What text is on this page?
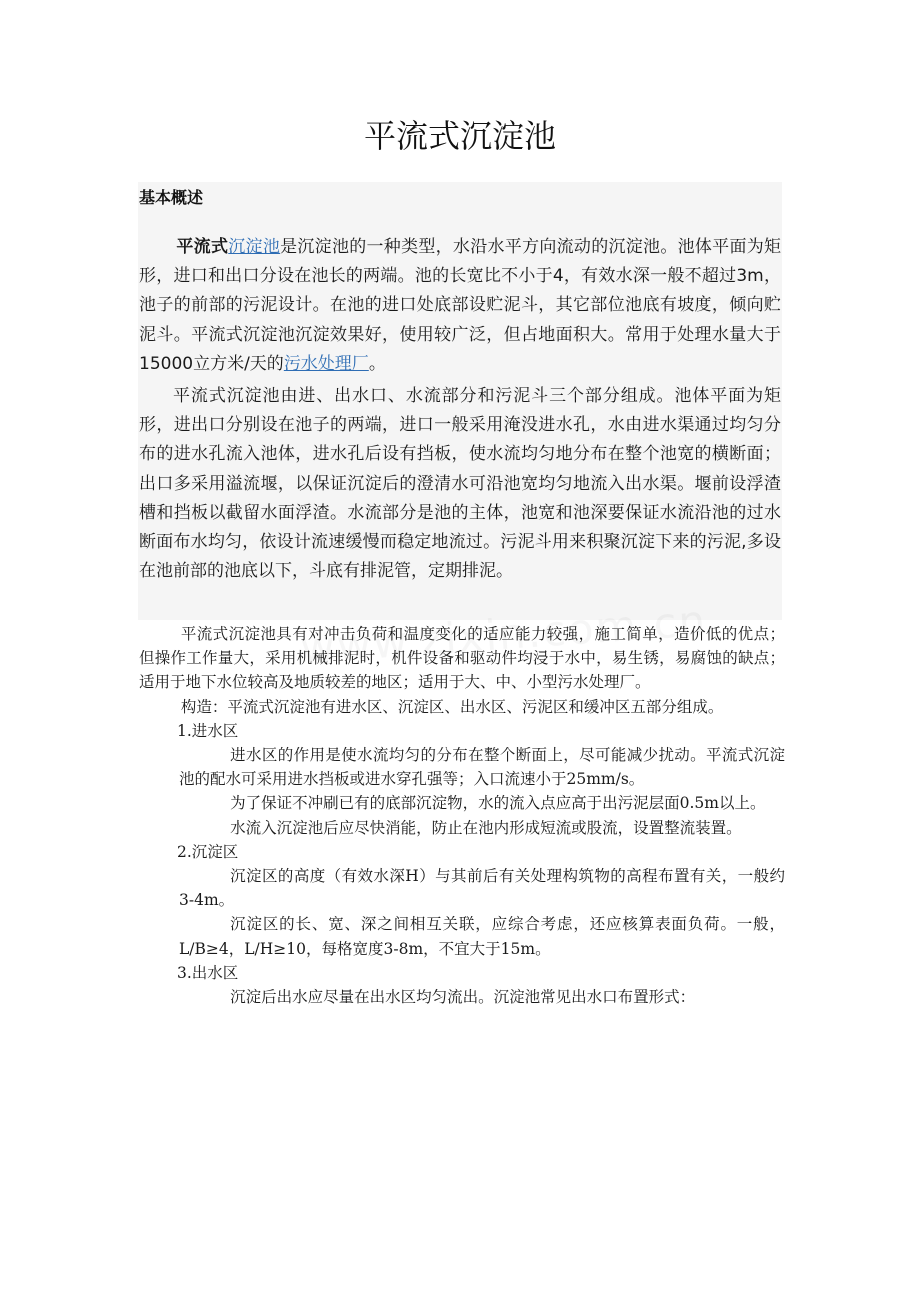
平流式沉淀池
基本概述

平流式沉淀池是沉淀池的一种类型，水沿水平方向流动的沉淀池。池体平面为矩形，进口和出口分设在池长的两端。池的长宽比不小于4，有效水深一般不超过3m，池子的前部的污泥设计。在池的进口处底部设贮泥斗，其它部位池底有坡度，倾向贮泥斗。平流式沉淀池沉淀效果好，使用较广泛，但占地面积大。常用于处理水量大于15000立方米/天的污水处理厂。

平流式沉淀池由进、出水口、水流部分和污泥斗三个部分组成。池体平面为矩形，进出口分别设在池子的两端，进口一般采用淹没进水孔，水由进水渠通过均匀分布的进水孔流入池体，进水孔后设有挡板，使水流均匀地分布在整个池宽的横断面；出口多采用溢流堰，以保证沉淀后的澄清水可沿池宽均匀地流入出水渠。堰前设浮渣槽和挡板以截留水面浮渣。水流部分是池的主体，池宽和池深要保证水流沿池的过水断面布水均匀，依设计流速缓慢而稳定地流过。污泥斗用来积聚沉淀下来的污泥,多设在池前部的池底以下，斗底有排泥管，定期排泥。

平流式沉淀池具有对冲击负荷和温度变化的适应能力较强，施工简单，造价低的优点；但操作工作量大，采用机械排泥时，机件设备和驱动件均浸于水中，易生锈，易腐蚀的缺点；适用于地下水位较高及地质较差的地区；适用于大、中、小型污水处理厂。

构造：平流式沉淀池有进水区、沉淀区、出水区、污泥区和缓冲区五部分组成。

1.进水区

进水区的作用是使水流均匀的分布在整个断面上，尽可能减少扰动。平流式沉淀池的配水可采用进水挡板或进水穿孔强等；入口流速小于25mm/s。

为了保证不冲刷已有的底部沉淀物，水的流入点应高于出污泥层面0.5m以上。

水流入沉淀池后应尽快消能，防止在池内形成短流或股流，设置整流装置。

2.沉淀区

沉淀区的高度（有效水深H）与其前后有关处理构筑物的高程布置有关，一般约3-4m。

沉淀区的长、宽、深之间相互关联，应综合考虑，还应核算表面负荷。一般，L/B≥4，L/H≥10，每格宽度3-8m，不宜大于15m。

3.出水区

沉淀后出水应尽量在出水区均匀流出。沉淀池常见出水口布置形式：
